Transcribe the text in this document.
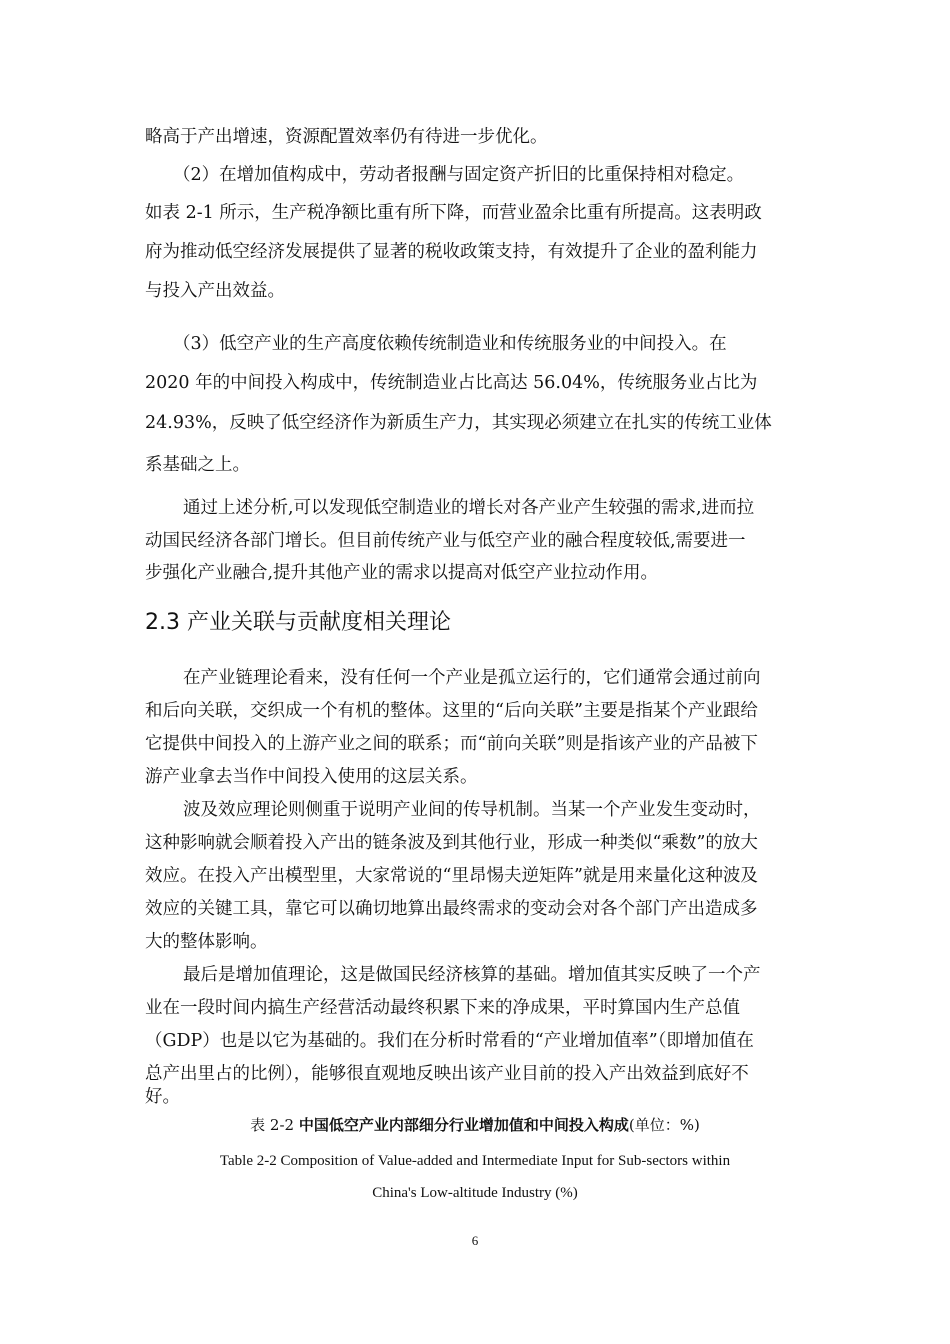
略高于产出增速，资源配置效率仍有待进一步优化。
（2）在增加值构成中，劳动者报酬与固定资产折旧的比重保持相对稳定。
如表 2-1 所示，生产税净额比重有所下降，而营业盈余比重有所提高。这表明政
府为推动低空经济发展提供了显著的税收政策支持，有效提升了企业的盈利能力
与投入产出效益。
（3）低空产业的生产高度依赖传统制造业和传统服务业的中间投入。在
2020 年的中间投入构成中，传统制造业占比高达 56.04%，传统服务业占比为
24.93%，反映了低空经济作为新质生产力，其实现必须建立在扎实的传统工业体
系基础之上。
通过上述分析,可以发现低空制造业的增长对各产业产生较强的需求,进而拉
动国民经济各部门增长。但目前传统产业与低空产业的融合程度较低,需要进一
步强化产业融合,提升其他产业的需求以提高对低空产业拉动作用。
2.3 产业关联与贡献度相关理论
在产业链理论看来，没有任何一个产业是孤立运行的，它们通常会通过前向
和后向关联，交织成一个有机的整体。这里的“后向关联”主要是指某个产业跟给
它提供中间投入的上游产业之间的联系；而“前向关联”则是指该产业的产品被下
游产业拿去当作中间投入使用的这层关系。
波及效应理论则侧重于说明产业间的传导机制。当某一个产业发生变动时，
这种影响就会顺着投入产出的链条波及到其他行业，形成一种类似“乘数”的放大
效应。在投入产出模型里，大家常说的“里昂惕夫逆矩阵”就是用来量化这种波及
效应的关键工具，靠它可以确切地算出最终需求的变动会对各个部门产出造成多
大的整体影响。
最后是增加值理论，这是做国民经济核算的基础。增加值其实反映了一个产
业在一段时间内搞生产经营活动最终积累下来的净成果，平时算国内生产总值
（GDP）也是以它为基础的。我们在分析时常看的“产业增加值率”（即增加值在
总产出里占的比例），能够很直观地反映出该产业目前的投入产出效益到底好不
好。
表 2-2 中国低空产业内部细分行业增加值和中间投入构成(单位：%)
Table 2-2 Composition of Value-added and Intermediate Input for Sub-sectors within
China's Low-altitude Industry (%)
6
